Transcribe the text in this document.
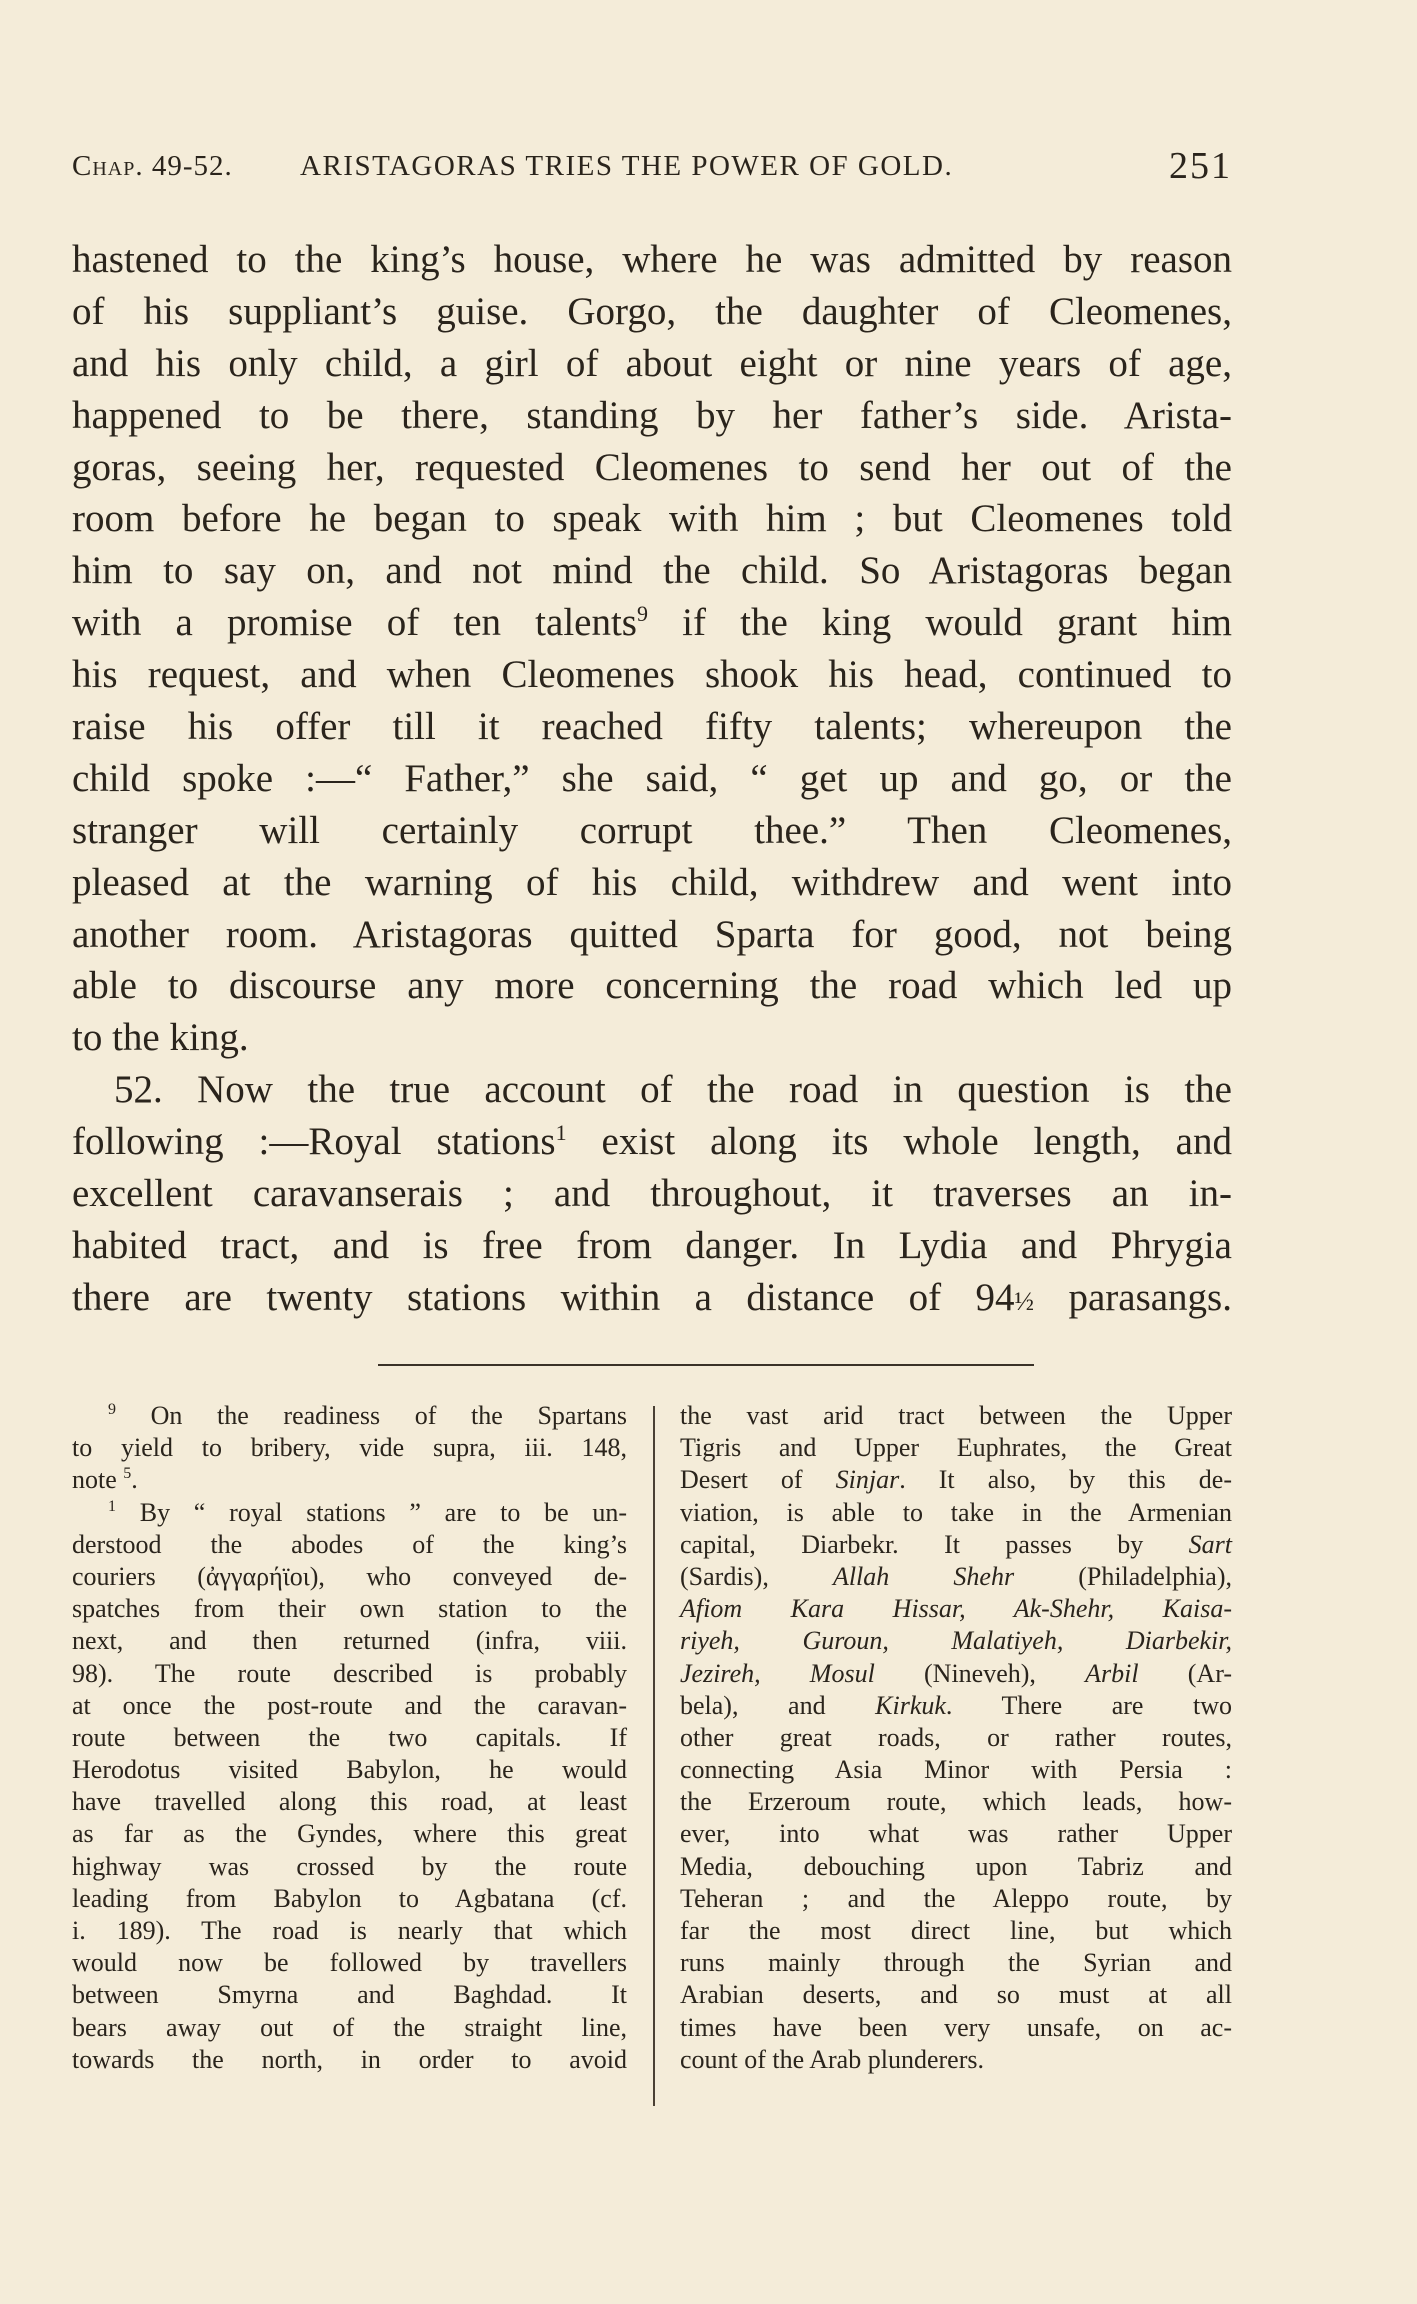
Chap. 49-52. ARISTAGORAS TRIES THE POWER OF GOLD.	251
hastened to the king’s house, where he was admitted by reason
of his suppliant’s guise. Gorgo, the daughter of Cleomenes,
and his only child, a girl of about eight or nine years of age,
happened to be there, standing by her father’s side. Arista-
goras, seeing her, requested Cleomenes to send her out of the
room before he began to speak with him ; but Cleomenes told
him to say on, and not mind the child. So Aristagoras began
with a promise of ten talents$^9$ if the king would grant him
his request, and when Cleomenes shook his head, continued to
raise his offer till it reached fifty talents; whereupon the
child spoke :—“ Father,” she said, “ get up and go, or the
stranger will certainly corrupt thee.” Then Cleomenes,
pleased at the warning of his child, withdrew and went into
another room. Aristagoras quitted Sparta for good, not being
able to discourse any more concerning the road which led up
to the king.
52. Now the true account of the road in question is the
following :—Royal stations$^1$ exist along its whole length, and
excellent caravanserais ; and throughout, it traverses an in-
habited tract, and is free from danger. In Lydia and Phrygia
there are twenty stations within a distance of 94½ parasangs.
$^9$ On the readiness of the Spartans
to yield to bribery, vide supra, iii. 148,
note $^5$.
$^1$ By “ royal stations ” are to be un-
derstood the abodes of the king’s
couriers (ἀγγαρήϊοι), who conveyed de-
spatches from their own station to the
next, and then returned (infra, viii.
98). The route described is probably
at once the post-route and the caravan-
route between the two capitals. If
Herodotus visited Babylon, he would
have travelled along this road, at least
as far as the Gyndes, where this great
highway was crossed by the route
leading from Babylon to Agbatana (cf.
i. 189). The road is nearly that which
would now be followed by travellers
between Smyrna and Baghdad. It
bears away out of the straight line,
towards the north, in order to avoid
the vast arid tract between the Upper
Tigris and Upper Euphrates, the Great
Desert of Sinjar. It also, by this de-
viation, is able to take in the Armenian
capital, Diarbekr. It passes by Sart
(Sardis), Allah Shehr (Philadelphia),
Afiom Kara Hissar, Ak-Shehr, Kaisa-
riyeh, Guroun, Malatiyeh, Diarbekir,
Jezireh, Mosul (Nineveh), Arbil (Ar-
bela), and Kirkuk. There are two
other great roads, or rather routes,
connecting Asia Minor with Persia :
the Erzeroum route, which leads, how-
ever, into what was rather Upper
Media, debouching upon Tabriz and
Teheran ; and the Aleppo route, by
far the most direct line, but which
runs mainly through the Syrian and
Arabian deserts, and so must at all
times have been very unsafe, on ac-
count of the Arab plunderers.
